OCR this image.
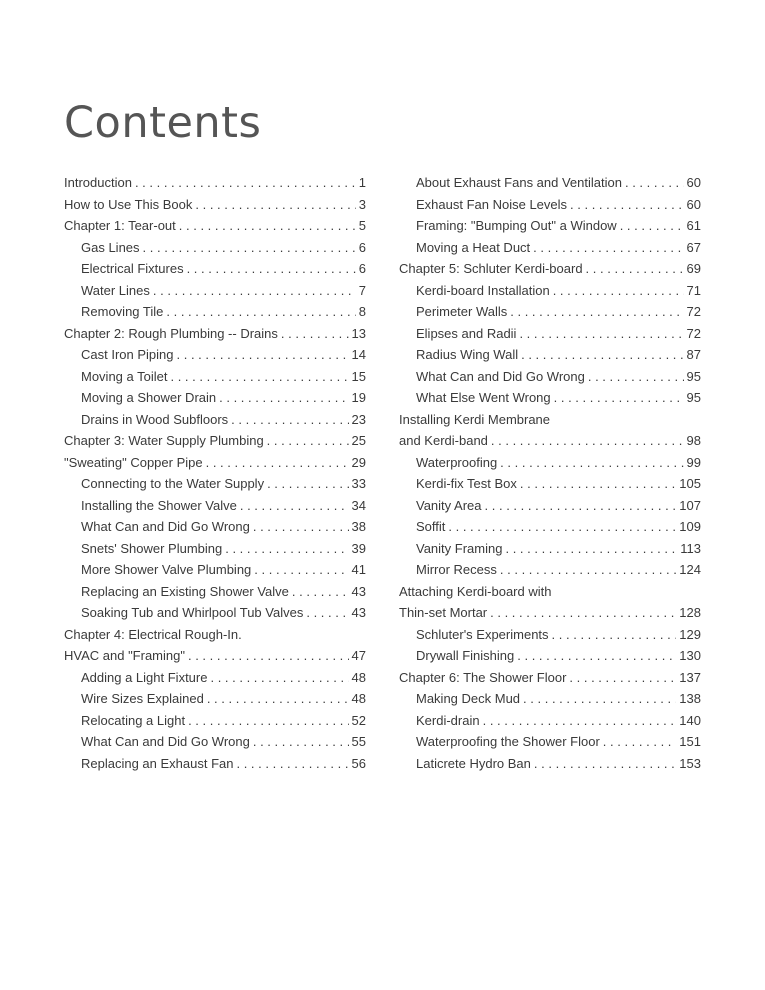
Contents
Introduction . . .	1
How to Use This Book . . .	3
Chapter 1: Tear-out . . .	5
Gas Lines . . .	6
Electrical Fixtures . . .	6
Water Lines . . .	7
Removing Tile . . .	8
Chapter 2: Rough Plumbing -- Drains . . .	13
Cast Iron Piping . . .	14
Moving a Toilet . . .	15
Moving a Shower Drain . . .	19
Drains in Wood Subfloors . . .	23
Chapter 3: Water Supply Plumbing . . .	25
"Sweating" Copper Pipe . . .	29
Connecting to the Water Supply . . .	33
Installing the Shower Valve . . .	34
What Can and Did Go Wrong . . .	38
Snets' Shower Plumbing . . .	39
More Shower Valve Plumbing . . .	41
Replacing an Existing Shower Valve . . .	43
Soaking Tub and Whirlpool Tub Valves . . .	43
Chapter 4: Electrical Rough-In.
HVAC and "Framing" . . .	47
Adding a Light Fixture . . .	48
Wire Sizes Explained . . .	48
Relocating a Light . . .	52
What Can and Did Go Wrong . . .	55
Replacing an Exhaust Fan . . .	56
About Exhaust Fans and Ventilation . . .	60
Exhaust Fan Noise Levels . . .	60
Framing: "Bumping Out" a Window . . .	61
Moving a Heat Duct . . .	67
Chapter 5: Schluter Kerdi-board . . .	69
Kerdi-board Installation . . .	71
Perimeter Walls . . .	72
Elipses and Radii . . .	72
Radius Wing Wall . . .	87
What Can and Did Go Wrong . . .	95
What Else Went Wrong . . .	95
Installing Kerdi Membrane
and Kerdi-band . . .	98
Waterproofing . . .	99
Kerdi-fix Test Box . . .	105
Vanity Area . . .	107
Soffit . . .	109
Vanity Framing . . .	113
Mirror Recess . . .	124
Attaching Kerdi-board with
Thin-set Mortar . . .	128
Schluter's Experiments . . .	129
Drywall Finishing . . .	130
Chapter 6: The Shower Floor . . .	137
Making Deck Mud . . .	138
Kerdi-drain . . .	140
Waterproofing the Shower Floor . . .	151
Laticrete Hydro Ban . . .	153
